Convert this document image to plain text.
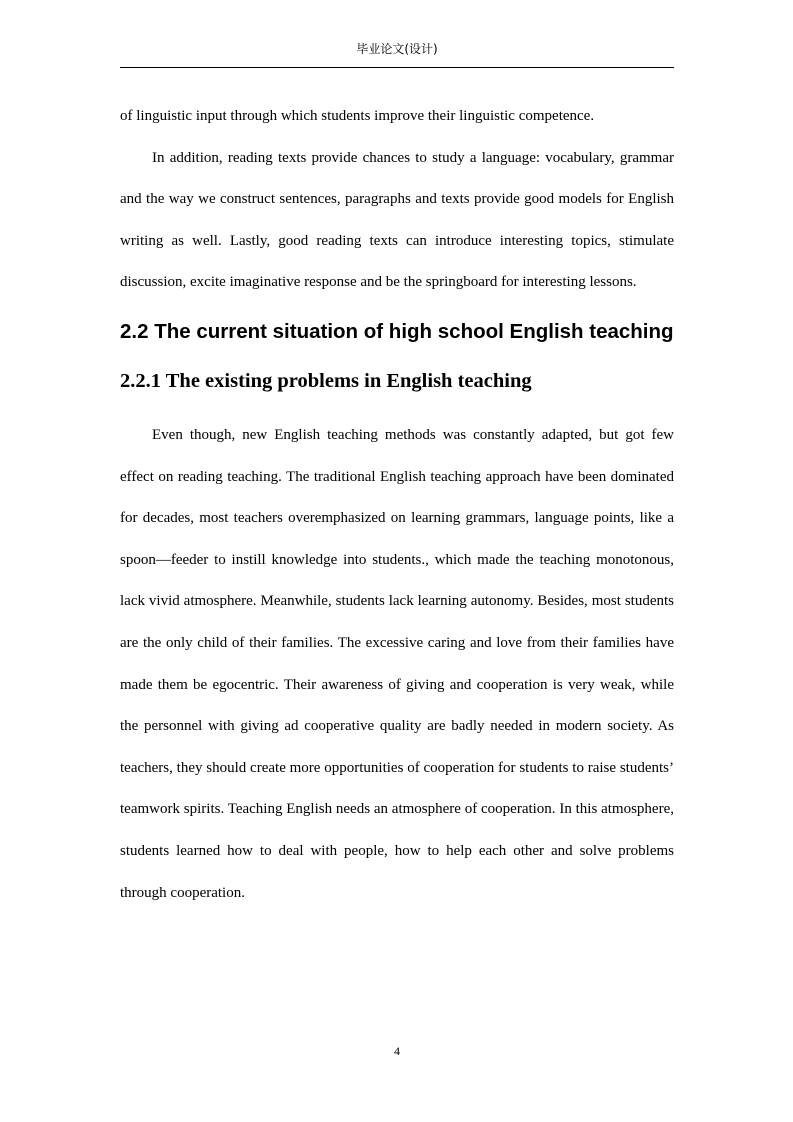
毕业论文(设计)

of linguistic input through which students improve their linguistic competence.

In addition, reading texts provide chances to study a language: vocabulary, grammar and the way we construct sentences, paragraphs and texts provide good models for English writing as well. Lastly, good reading texts can introduce interesting topics, stimulate discussion, excite imaginative response and be the springboard for interesting lessons.

2.2 The current situation of high school English teaching
2.2.1 The existing problems in English teaching

Even though, new English teaching methods was constantly adapted, but got few effect on reading teaching. The traditional English teaching approach have been dominated for decades, most teachers overemphasized on learning grammars, language points, like a spoon—feeder to instill knowledge into students., which made the teaching monotonous, lack vivid atmosphere. Meanwhile, students lack learning autonomy. Besides, most students are the only child of their families. The excessive caring and love from their families have made them be egocentric. Their awareness of giving and cooperation is very weak, while the personnel with giving ad cooperative quality are badly needed in modern society. As teachers, they should create more opportunities of cooperation for students to raise students’ teamwork spirits. Teaching English needs an atmosphere of cooperation. In this atmosphere, students learned how to deal with people, how to help each other and solve problems through cooperation.

4
